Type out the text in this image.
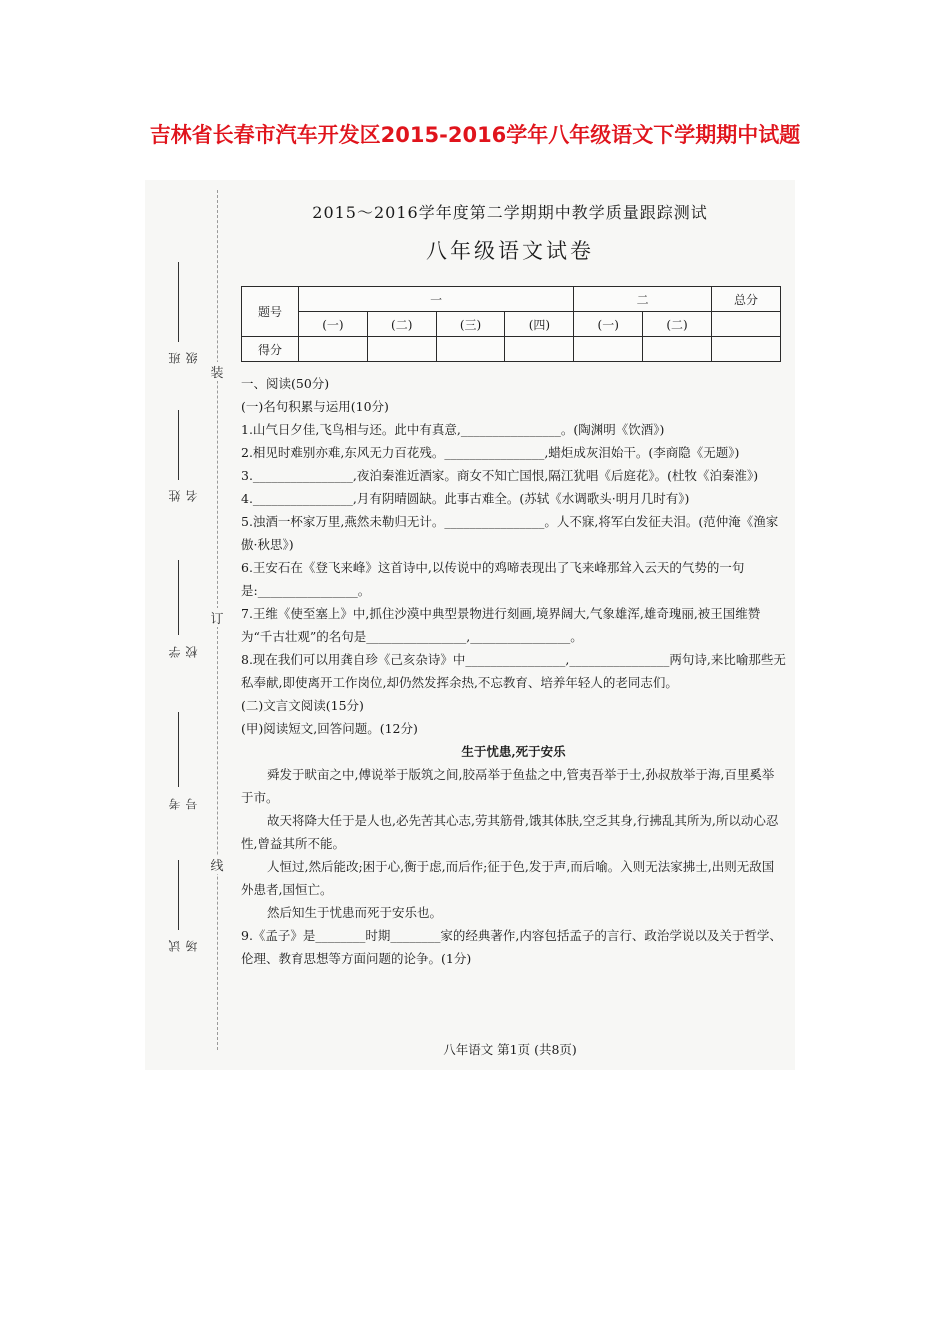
吉林省长春市汽车开发区2015-2016学年八年级语文下学期期中试题
装
订
线
班级
姓名
学校
考号
试场
2015～2016学年度第二学期期中教学质量跟踪测试
八年级语文试卷
题号	一				二		总分
	(一)	(二)	(三)	(四)	(一)	(二)	
得分							

一、阅读(50分)

(一)名句积累与运用(10分)

1.山气日夕佳,飞鸟相与还。此中有真意,________________。(陶渊明《饮酒》)

2.相见时难别亦难,东风无力百花残。________________,蜡炬成灰泪始干。(李商隐《无题》)

3.________________,夜泊秦淮近酒家。商女不知亡国恨,隔江犹唱《后庭花》。(杜牧《泊秦淮》)

4.________________,月有阴晴圆缺。此事古难全。(苏轼《水调歌头·明月几时有》)

5.浊酒一杯家万里,燕然未勒归无计。________________。人不寐,将军白发征夫泪。(范仲淹《渔家傲·秋思》)

6.王安石在《登飞来峰》这首诗中,以传说中的鸡啼表现出了飞来峰那耸入云天的气势的一句是:________________。

7.王维《使至塞上》中,抓住沙漠中典型景物进行刻画,境界阔大,气象雄浑,雄奇瑰丽,被王国维赞为“千古壮观”的名句是________________,________________。

8.现在我们可以用龚自珍《己亥杂诗》中________________,________________两句诗,来比喻那些无私奉献,即使离开工作岗位,却仍然发挥余热,不忘教育、培养年轻人的老同志们。

(二)文言文阅读(15分)

(甲)阅读短文,回答问题。(12分)

生于忧患,死于安乐

舜发于畎亩之中,傅说举于版筑之间,胶鬲举于鱼盐之中,管夷吾举于士,孙叔敖举于海,百里奚举于市。

故天将降大任于是人也,必先苦其心志,劳其筋骨,饿其体肤,空乏其身,行拂乱其所为,所以动心忍性,曾益其所不能。

人恒过,然后能改;困于心,衡于虑,而后作;征于色,发于声,而后喻。入则无法家拂士,出则无敌国外患者,国恒亡。

然后知生于忧患而死于安乐也。

9.《孟子》是________时期________家的经典著作,内容包括孟子的言行、政治学说以及关于哲学、伦理、教育思想等方面问题的论争。(1分)

八年语文 第1页 (共8页)
